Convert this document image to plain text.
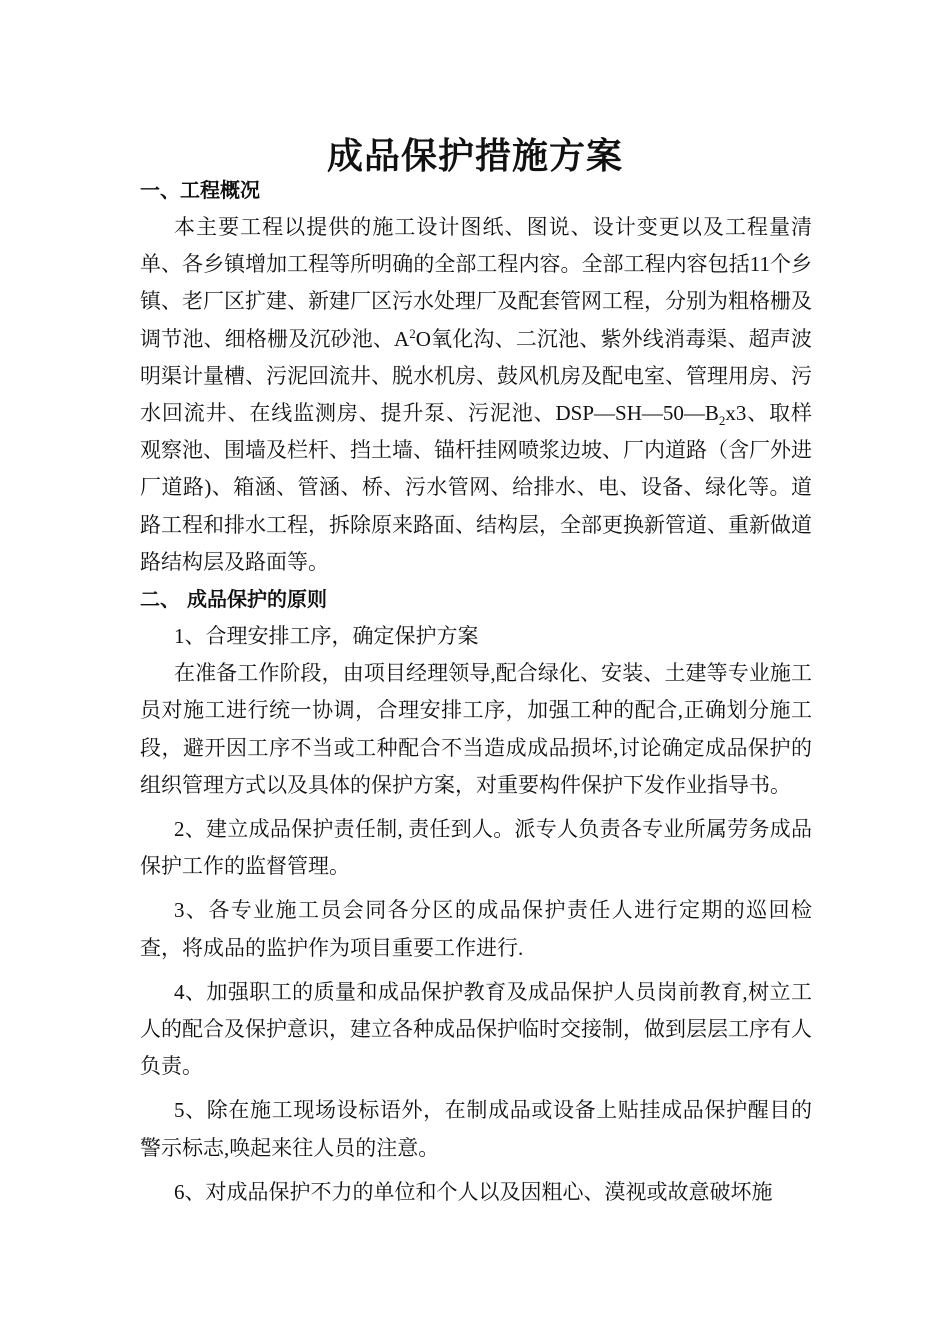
成品保护措施方案
一、工程概况

本主要工程以提供的施工设计图纸、图说、设计变更以及工程量清单、各乡镇增加工程等所明确的全部工程内容。全部工程内容包括11个乡镇、老厂区扩建、新建厂区污水处理厂及配套管网工程，分别为粗格栅及调节池、细格栅及沉砂池、$A^2O$氧化沟、二沉池、紫外线消毒渠、超声波明渠计量槽、污泥回流井、脱水机房、鼓风机房及配电室、管理用房、污水回流井、在线监测房、提升泵、污泥池、$DSP—SH—50—B_2x3$、取样观察池、围墙及栏杆、挡土墙、锚杆挂网喷浆边坡、厂内道路（含厂外进厂道路)、箱涵、管涵、桥、污水管网、给排水、电、设备、绿化等。道路工程和排水工程，拆除原来路面、结构层，全部更换新管道、重新做道路结构层及路面等。

二、 成品保护的原则

1、合理安排工序，确定保护方案

在准备工作阶段，由项目经理领导,配合绿化、安装、土建等专业施工员对施工进行统一协调，合理安排工序，加强工种的配合,正确划分施工段，避开因工序不当或工种配合不当造成成品损坏,讨论确定成品保护的组织管理方式以及具体的保护方案，对重要构件保护下发作业指导书。

2、建立成品保护责任制, 责任到人。派专人负责各专业所属劳务成品保护工作的监督管理。

3、各专业施工员会同各分区的成品保护责任人进行定期的巡回检查，将成品的监护作为项目重要工作进行.

4、加强职工的质量和成品保护教育及成品保护人员岗前教育,树立工人的配合及保护意识，建立各种成品保护临时交接制，做到层层工序有人负责。

5、除在施工现场设标语外，在制成品或设备上贴挂成品保护醒目的警示标志,唤起来往人员的注意。

6、对成品保护不力的单位和个人以及因粗心、漠视或故意破坏施
